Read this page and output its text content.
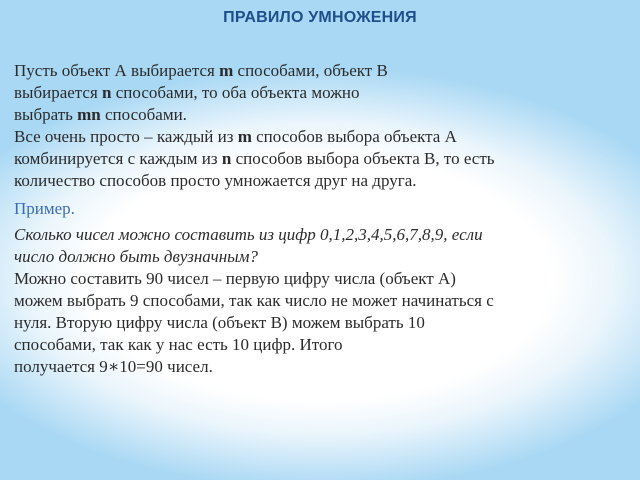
ПРАВИЛО УМНОЖЕНИЯ
Пусть объект А выбирается m способами, объект В
выбирается n способами, то оба объекта можно
выбрать mn способами.
Все очень просто – каждый из m способов выбора объекта А
комбинируется с каждым из n способов выбора объекта В, то есть
количество способов просто умножается друг на друга.
Пример.
Сколько чисел можно составить из цифр 0,1,2,3,4,5,6,7,8,9, если
число должно быть двузначным?
Можно составить 90 чисел – первую цифру числа (объект А)
можем выбрать 9 способами, так как число не может начинаться с
нуля. Вторую цифру числа (объект В) можем выбрать 10
способами, так как у нас есть 10 цифр. Итого
получается 9∗10=90 чисел.
